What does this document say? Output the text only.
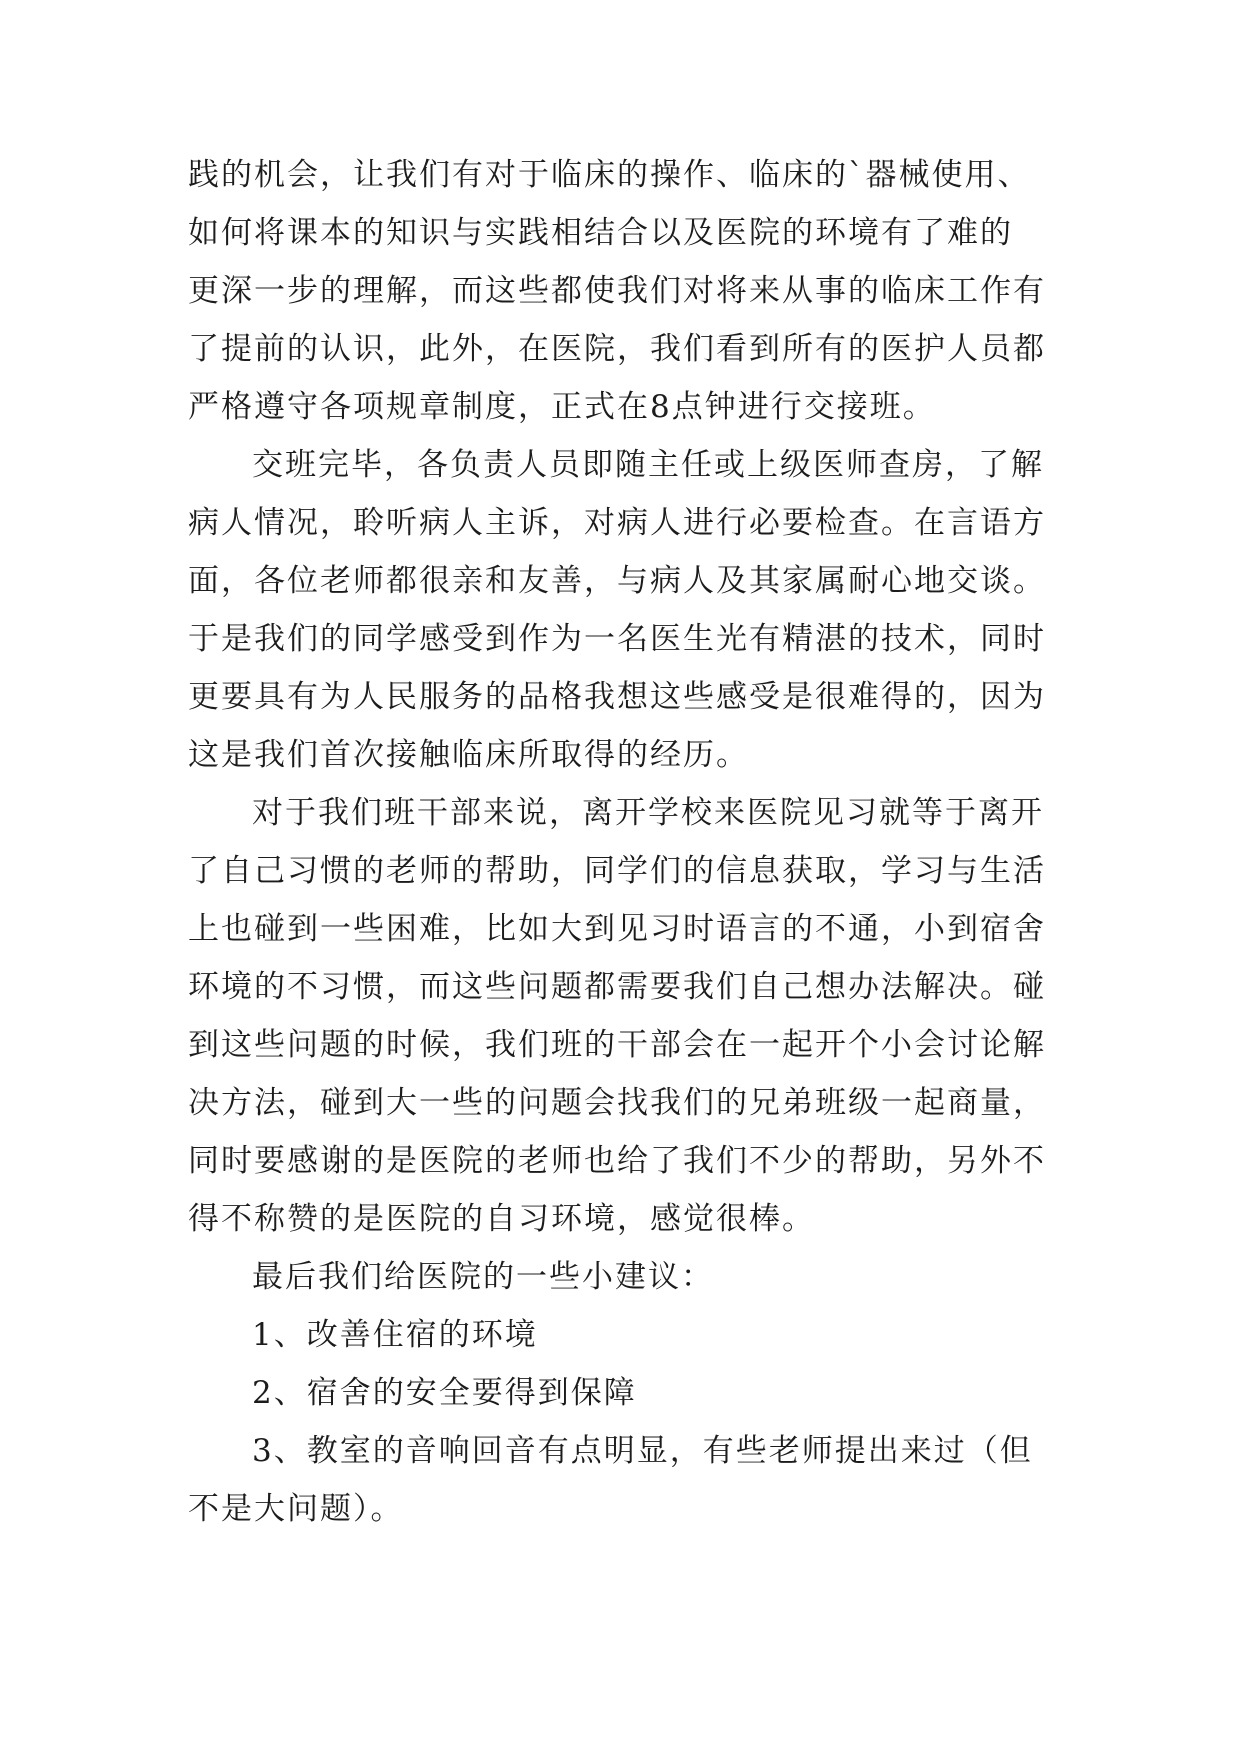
践的机会，让我们有对于临床的操作、临床的`器械使用、
如何将课本的知识与实践相结合以及医院的环境有了难的
更深一步的理解，而这些都使我们对将来从事的临床工作有
了提前的认识，此外，在医院，我们看到所有的医护人员都
严格遵守各项规章制度，正式在8点钟进行交接班。
交班完毕，各负责人员即随主任或上级医师查房，了解
病人情况，聆听病人主诉，对病人进行必要检查。在言语方
面，各位老师都很亲和友善，与病人及其家属耐心地交谈。
于是我们的同学感受到作为一名医生光有精湛的技术，同时
更要具有为人民服务的品格我想这些感受是很难得的，因为
这是我们首次接触临床所取得的经历。
对于我们班干部来说，离开学校来医院见习就等于离开
了自己习惯的老师的帮助，同学们的信息获取，学习与生活
上也碰到一些困难，比如大到见习时语言的不通，小到宿舍
环境的不习惯，而这些问题都需要我们自己想办法解决。碰
到这些问题的时候，我们班的干部会在一起开个小会讨论解
决方法，碰到大一些的问题会找我们的兄弟班级一起商量，
同时要感谢的是医院的老师也给了我们不少的帮助，另外不
得不称赞的是医院的自习环境，感觉很棒。
最后我们给医院的一些小建议：
1、改善住宿的环境
2、宿舍的安全要得到保障
3、教室的音响回音有点明显，有些老师提出来过（但
不是大问题）。
